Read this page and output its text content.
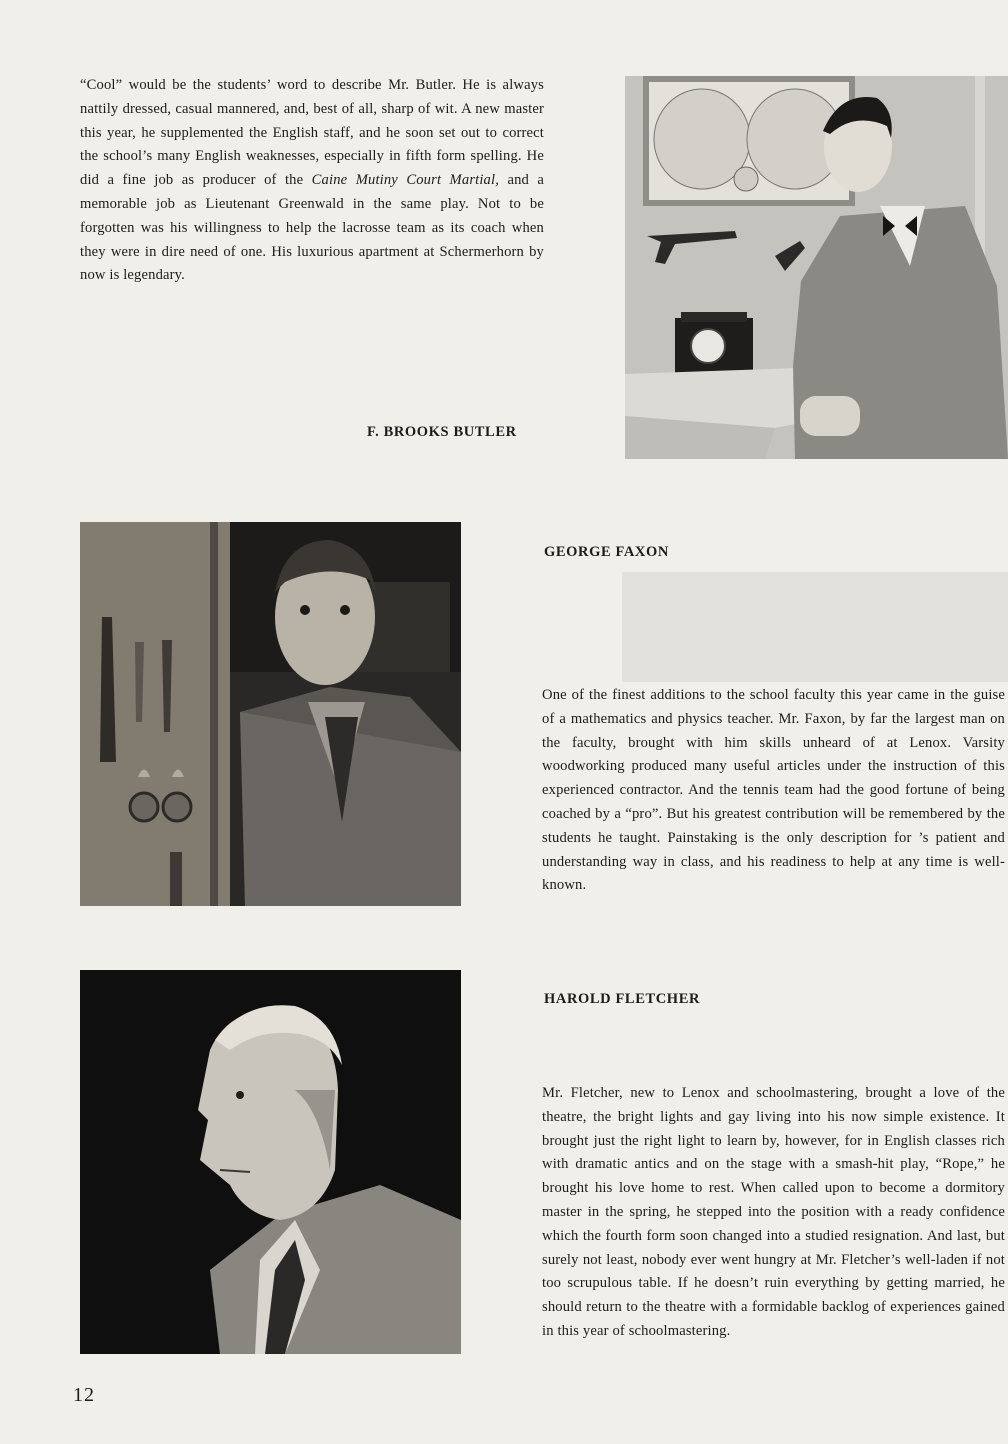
“Cool” would be the students’ word to describe Mr. Butler. He is always nattily dressed, casual mannered, and, best of all, sharp of wit. A new master this year, he supplemented the English staff, and he soon set out to correct the school’s many English weaknesses, especially in fifth form spelling. He did a fine job as producer of the Caine Mutiny Court Martial, and a memorable job as Lieutenant Greenwald in the same play. Not to be forgotten was his willingness to help the lacrosse team as its coach when they were in dire need of one. His luxurious apartment at Schermerhorn by now is legendary.

F. BROOKS BUTLER
GEORGE FAXON

One of the finest additions to the school faculty this year came in the guise of a mathematics and physics teacher. Mr. Faxon, by far the largest man on the faculty, brought with him skills unheard of at Lenox. Varsity woodworking produced many useful articles under the instruction of this experienced contractor. And the tennis team had the good fortune of being coached by a “pro”. But his greatest contribution will be remembered by the students he taught. Painstaking is the only description for ’s patient and understanding way in class, and his readiness to help at any time is well-known.

HAROLD FLETCHER

Mr. Fletcher, new to Lenox and schoolmastering, brought a love of the theatre, the bright lights and gay living into his now simple existence. It brought just the right light to learn by, however, for in English classes rich with dramatic antics and on the stage with a smash-hit play, “Rope,” he brought his love home to rest. When called upon to become a dormitory master in the spring, he stepped into the position with a ready confidence which the fourth form soon changed into a studied resignation. And last, but surely not least, nobody ever went hungry at Mr. Fletcher’s well-laden if not too scrupulous table. If he doesn’t ruin everything by getting married, he should return to the theatre with a formidable backlog of experiences gained in this year of schoolmastering.

12
